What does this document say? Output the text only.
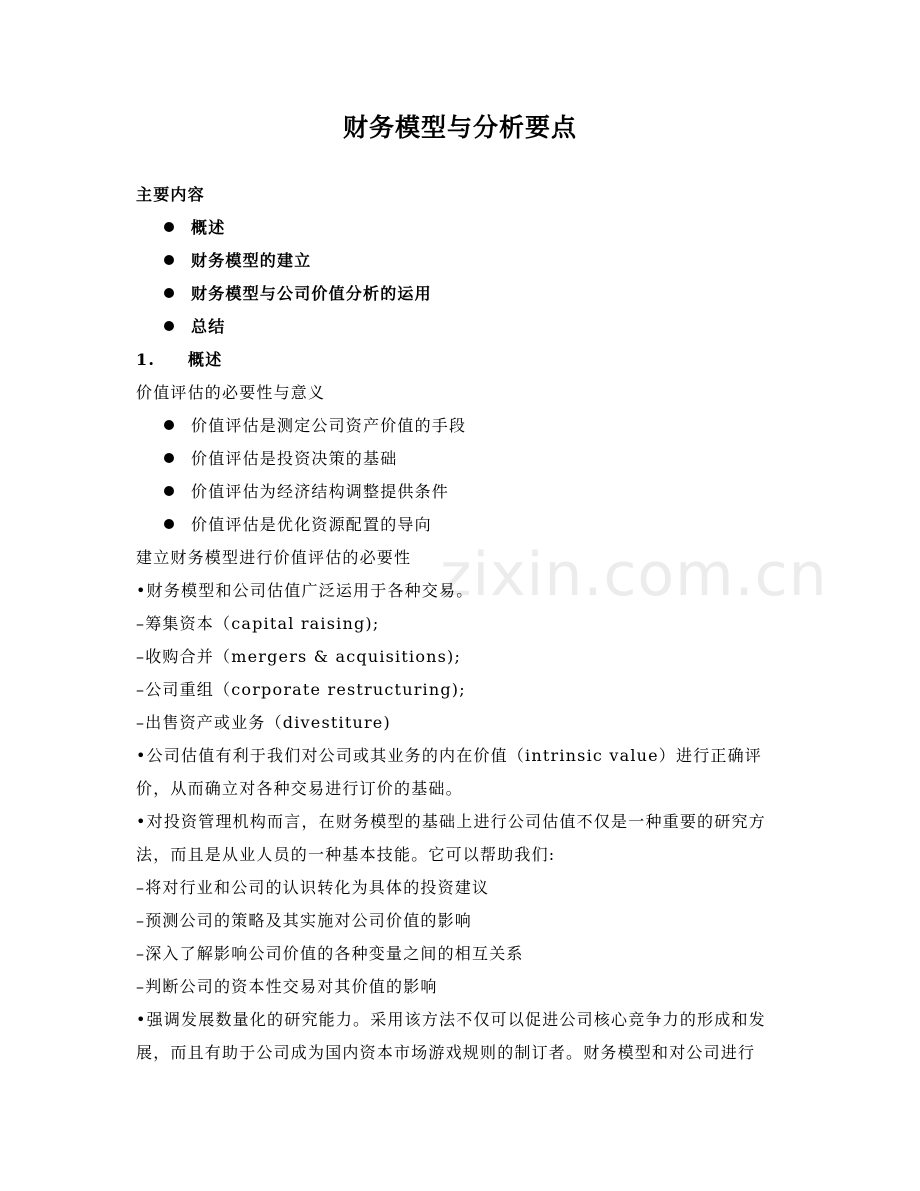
zixin.com.cn
财务模型与分析要点
主要内容
概述
财务模型的建立
财务模型与公司价值分析的运用
总结
1. 概述
价值评估的必要性与意义
价值评估是测定公司资产价值的手段
价值评估是投资决策的基础
价值评估为经济结构调整提供条件
价值评估是优化资源配置的导向
建立财务模型进行价值评估的必要性
•财务模型和公司估值广泛运用于各种交易。
–筹集资本（capital raising);
–收购合并（mergers & acquisitions);
–公司重组（corporate restructuring);
–出售资产或业务（divestiture)
•公司估值有利于我们对公司或其业务的内在价值（intrinsic value）进行正确评
价，从而确立对各种交易进行订价的基础。
•对投资管理机构而言，在财务模型的基础上进行公司估值不仅是一种重要的研究方
法，而且是从业人员的一种基本技能。它可以帮助我们:
–将对行业和公司的认识转化为具体的投资建议
–预测公司的策略及其实施对公司价值的影响
–深入了解影响公司价值的各种变量之间的相互关系
–判断公司的资本性交易对其价值的影响
•强调发展数量化的研究能力。采用该方法不仅可以促进公司核心竞争力的形成和发
展，而且有助于公司成为国内资本市场游戏规则的制订者。财务模型和对公司进行
